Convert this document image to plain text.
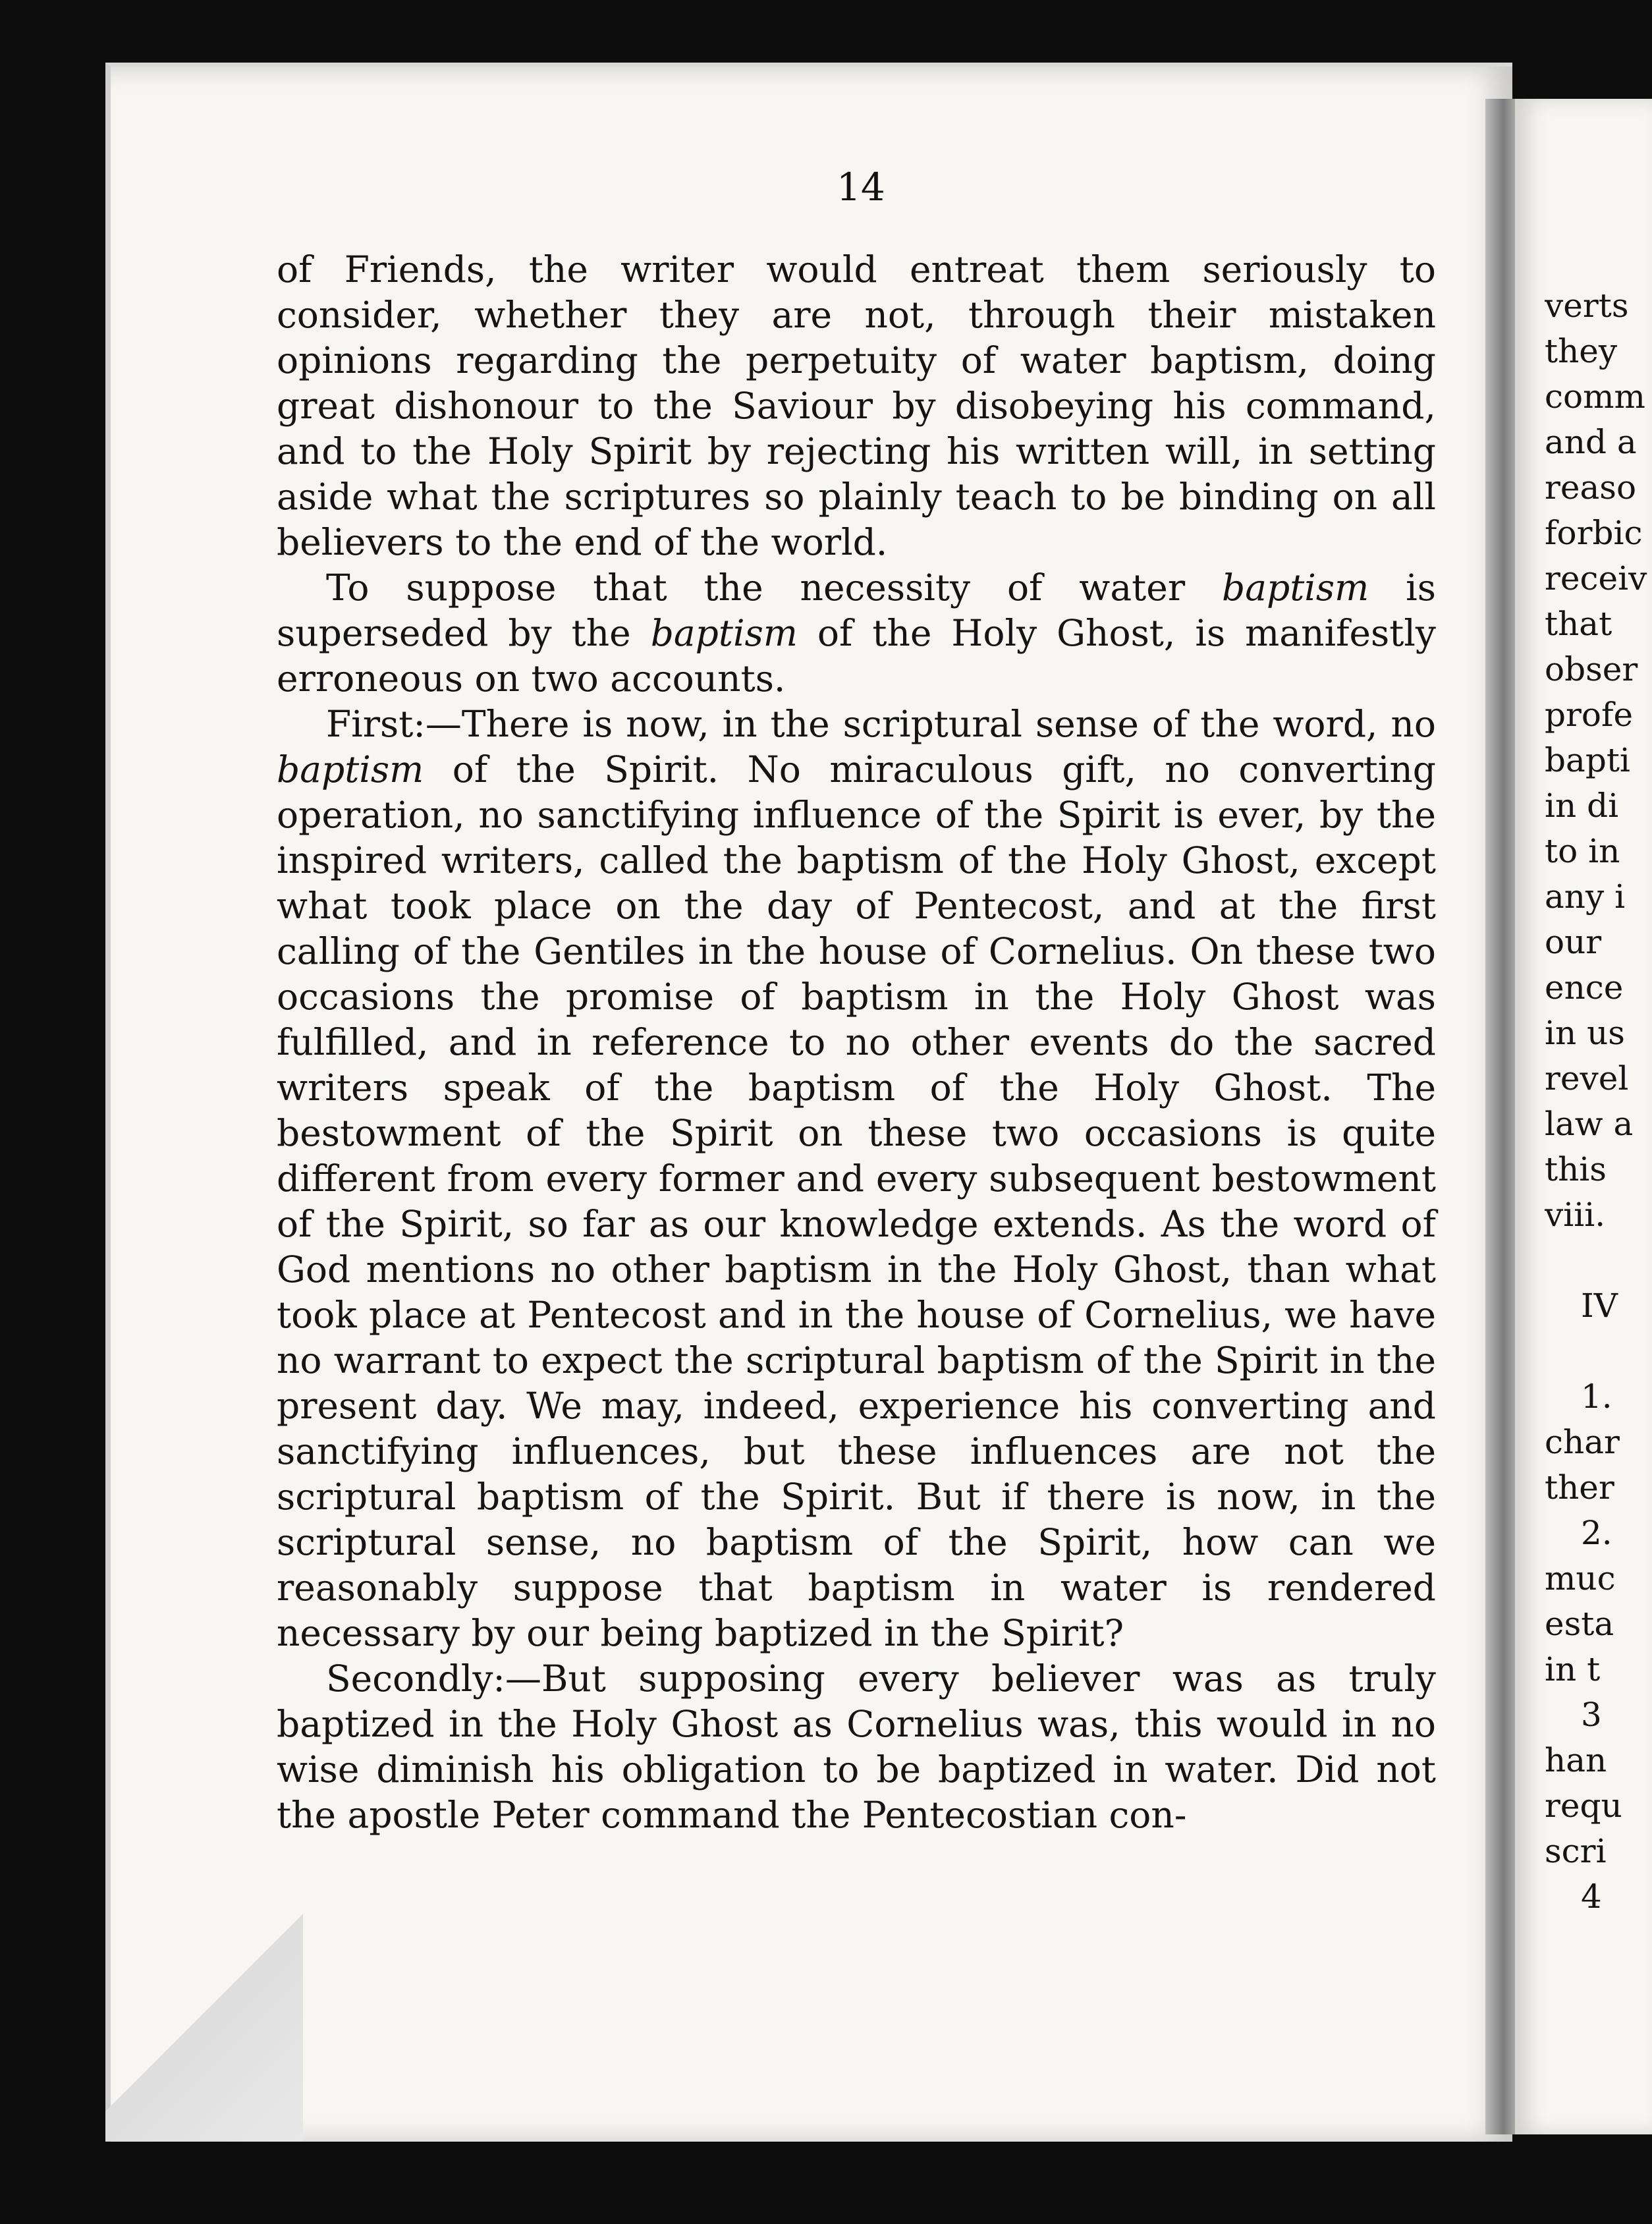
14

of Friends, the writer would entreat them seriously to consider, whether they are not, through their mistaken opinions regarding the perpetuity of water baptism, doing great dishonour to the Saviour by disobeying his command, and to the Holy Spirit by rejecting his written will, in setting aside what the scriptures so plainly teach to be binding on all believers to the end of the world.

To suppose that the necessity of water baptism is superseded by the baptism of the Holy Ghost, is manifestly erroneous on two accounts.

First:—There is now, in the scriptural sense of the word, no baptism of the Spirit. No miraculous gift, no converting operation, no sanctifying influence of the Spirit is ever, by the inspired writers, called the baptism of the Holy Ghost, except what took place on the day of Pentecost, and at the first calling of the Gentiles in the house of Cornelius. On these two occasions the promise of baptism in the Holy Ghost was fulfilled, and in reference to no other events do the sacred writers speak of the baptism of the Holy Ghost. The bestowment of the Spirit on these two occasions is quite different from every former and every subsequent bestowment of the Spirit, so far as our knowledge extends. As the word of God mentions no other baptism in the Holy Ghost, than what took place at Pentecost and in the house of Cornelius, we have no warrant to expect the scriptural baptism of the Spirit in the present day. We may, indeed, experience his converting and sanctifying influences, but these influences are not the scriptural baptism of the Spirit. But if there is now, in the scriptural sense, no baptism of the Spirit, how can we reasonably suppose that baptism in water is rendered necessary by our being baptized in the Spirit?

Secondly:—But supposing every believer was as truly baptized in the Holy Ghost as Cornelius was, this would in no wise diminish his obligation to be baptized in water. Did not the apostle Peter command the Pentecostian con-

verts
they
comm
and a
reaso
forbic
receiv
that
obser
profe
bapti
in di
to in
any i
our
ence
in us
revel
law a
this
viii.
IV
1.
char
ther
2.
muc
esta
in t
3
han
requ
scri
4
